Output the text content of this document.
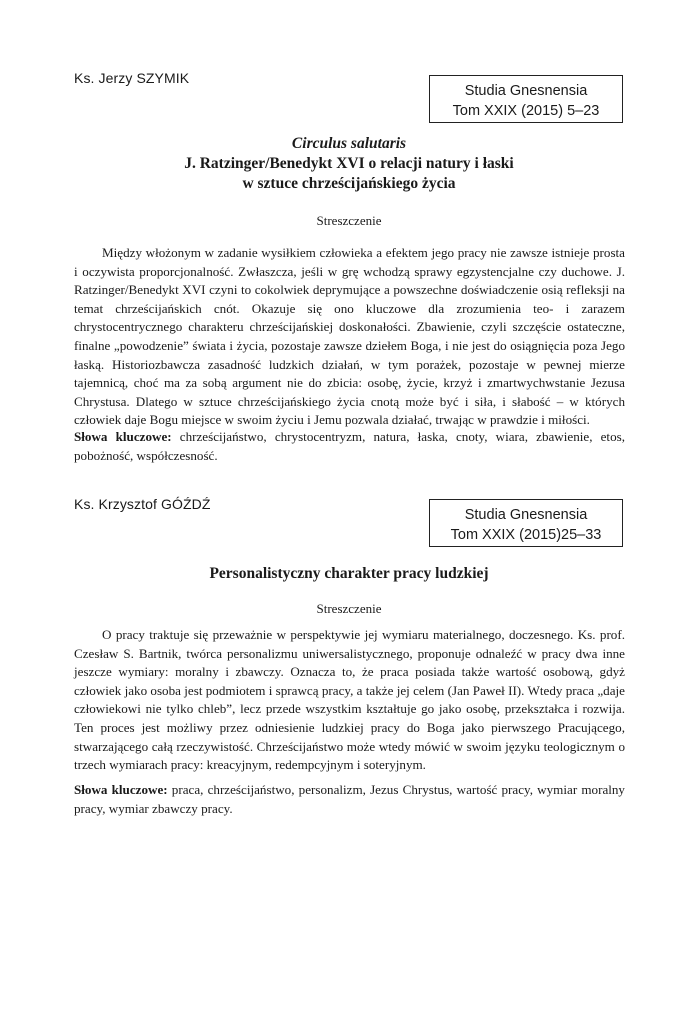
Ks. Jerzy SZYMIK
Studia Gnesnensia
Tom XXIX (2015) 5–23
Circulus salutaris
J. Ratzinger/Benedykt XVI o relacji natury i łaski
w sztuce chrześcijańskiego życia
Streszczenie

Między włożonym w zadanie wysiłkiem człowieka a efektem jego pracy nie zawsze istnieje prosta i oczywista proporcjonalność. Zwłaszcza, jeśli w grę wchodzą sprawy egzystencjalne czy duchowe. J. Ratzinger/Benedykt XVI czyni to cokolwiek deprymujące a powszechne doświadczenie osią refleksji na temat chrześcijańskich cnót. Okazuje się ono kluczowe dla zrozumienia teo- i zarazem chrystocentrycznego charakteru chrześcijańskiej doskonałości. Zbawienie, czyli szczęście ostateczne, finalne „powodzenie” świata i życia, pozostaje zawsze dziełem Boga, i nie jest do osiągnięcia poza Jego łaską. Historiozbawcza zasadność ludzkich działań, w tym porażek, pozostaje w pewnej mierze tajemnicą, choć ma za sobą argument nie do zbicia: osobę, życie, krzyż i zmartwychwstanie Jezusa Chrystusa. Dlatego w sztuce chrześcijańskiego życia cnotą może być i siła, i słabość – w których człowiek daje Bogu miejsce w swoim życiu i Jemu pozwala działać, trwając w prawdzie i miłości.

Słowa kluczowe: chrześcijaństwo, chrystocentryzm, natura, łaska, cnoty, wiara, zbawienie, etos, pobożność, współczesność.
Ks. Krzysztof GÓŹDŹ
Studia Gnesnensia
Tom XXIX (2015)25–33
Personalistyczny charakter pracy ludzkiej
Streszczenie

O pracy traktuje się przeważnie w perspektywie jej wymiaru materialnego, doczesnego. Ks. prof. Czesław S. Bartnik, twórca personalizmu uniwersalistycznego, proponuje odnaleźć w pracy dwa inne jeszcze wymiary: moralny i zbawczy. Oznacza to, że praca posiada także wartość osobową, gdyż człowiek jako osoba jest podmiotem i sprawcą pracy, a także jej celem (Jan Paweł II). Wtedy praca „daje człowiekowi nie tylko chleb”, lecz przede wszystkim kształtuje go jako osobę, przekształca i rozwija. Ten proces jest możliwy przez odniesienie ludzkiej pracy do Boga jako pierwszego Pracującego, stwarzającego całą rzeczywistość. Chrześcijaństwo może wtedy mówić w swoim języku teologicznym o trzech wymiarach pracy: kreacyjnym, redempcyjnym i soteryjnym.

Słowa kluczowe: praca, chrześcijaństwo, personalizm, Jezus Chrystus, wartość pracy, wymiar moralny pracy, wymiar zbawczy pracy.
